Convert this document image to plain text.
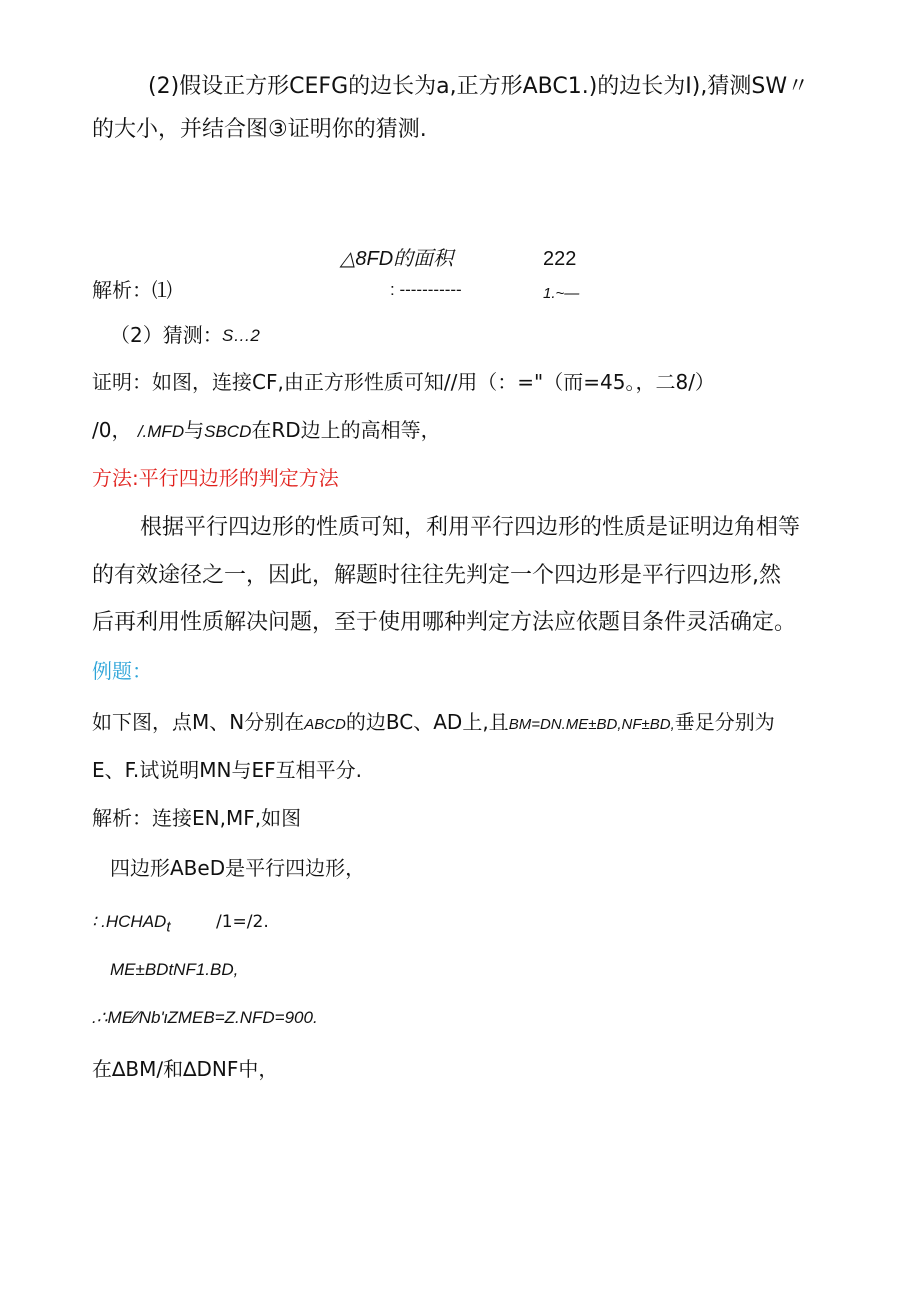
(2)假设正方形CEFG的边长为a,正方形ABC1.)的边长为I),猜测SW〃
的大小，并结合图③证明你的猜测.
△8FD的面积	222
解析：⑴	: -----------	1.~—
（2）猜测： S…2
证明：如图，连接CF,由正方形性质可知//用（：="（而=45。，二8/）
/0， /.MFD与SBCD在RD边上的高相等，
方法:平行四边形的判定方法
根据平行四边形的性质可知，利用平行四边形的性质是证明边角相等
的有效途径之一，因此，解题时往往先判定一个四边形是平行四边形,然
后再利用性质解决问题，至于使用哪种判定方法应依题目条件灵活确定。
例题：
如下图，点M、N分别在ABCD的边BC、AD上,且BM=DN.ME±BD,NF±BD,垂足分别为
E、F.试说明MN与EF互相平分.
解析：连接EN,MF,如图
四边形ABeD是平行四边形，
∶ $.HCHAD_t$	/1=/2.
ME±BDtNF1.BD,
.∴ME∕∕Nb'ιZMEB=Z.NFD=900.
在∆BM∕和∆DNF中，
